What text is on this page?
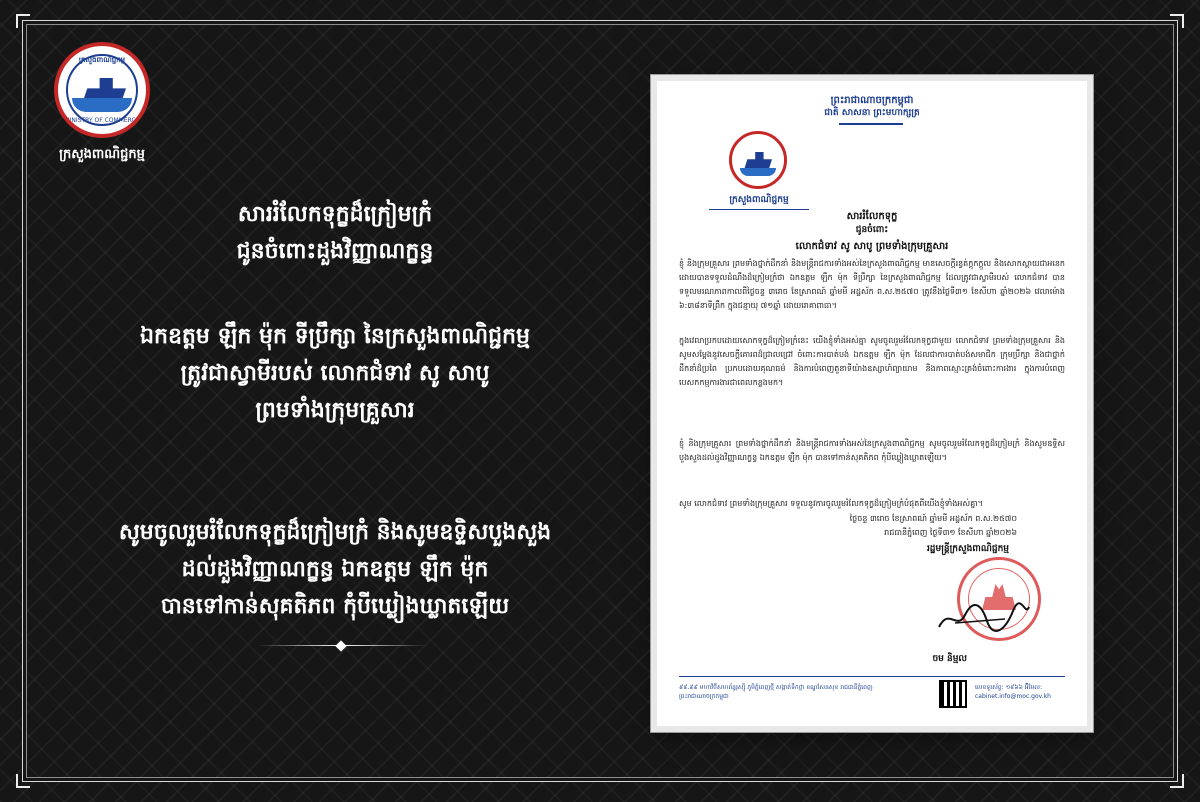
ក្រសួងពាណិជ្ជកម្ម
MINISTRY OF COMMERCE
ក្រសួងពាណិជ្ជកម្ម
សាររំលែកទុក្ខដ៏ក្រៀមក្រំ
ជូនចំពោះដួងវិញ្ញាណក្ខន្ធ
ឯកឧត្តម ឡឹក ម៉ុក ទីប្រឹក្សា នៃក្រសួងពាណិជ្ជកម្ម
ត្រូវជាស្វាមីរបស់ លោកជំទាវ សូ សាបូ
ព្រមទាំងក្រុមគ្រួសារ
សូមចូលរួមរំលែកទុក្ខដ៏ក្រៀមក្រំ និងសូមឧទ្ទិសបួងសួង
ដល់ដួងវិញ្ញាណក្ខន្ធ ឯកឧត្តម ឡឹក ម៉ុក
បានទៅកាន់សុគតិភព កុំបីឃ្លៀងឃ្លាតឡើយ
ព្រះរាជាណាចក្រកម្ពុជា
ជាតិ សាសនា ព្រះមហាក្សត្រ
ក្រសួងពាណិជ្ជកម្ម
សាររំលែកទុក្ខ
ជូនចំពោះ
លោកជំទាវ សូ សាបូ ព្រមទាំងក្រុមគ្រួសារ
ខ្ញុំ និងក្រុមគ្រួសារ ព្រមទាំងថ្នាក់ដឹកនាំ និងមន្ត្រីរាជការទាំងអស់នៃក្រសួងពាណិជ្ជកម្ម មានសេចក្តីរន្ធត់ក្តុកក្តួល និងសោកស្តាយជាអនេកដោយបានទទួលដំណឹងដ៏ក្រៀមក្រំថា ឯកឧត្តម ឡឹក ម៉ុក ទីប្រឹក្សា នៃក្រសួងពាណិជ្ជកម្ម ដែលត្រូវជាស្វាមីរបស់ លោកជំទាវ បានទទួលមរណភាពកាលពីថ្ងៃចន្ទ ៣រោច ខែស្រាពណ៍ ឆ្នាំមមី អដ្ឋស័ក ព.ស.២៥៧០ ត្រូវនឹងថ្ងៃទី៣១ ខែសីហា ឆ្នាំ២០២៦ វេលាម៉ោង ៦:៣៨នាទីព្រឹក ក្នុងជន្មាយុ ៧១ឆ្នាំ ដោយរោគាពាធា។
ក្នុងវេលាប្រកបដោយសោកទុក្ខដ៏ក្រៀមក្រំនេះ យើងខ្ញុំទាំងអស់គ្នា សូមចូលរួមរំលែកទុក្ខជាមួយ លោកជំទាវ ព្រមទាំងក្រុមគ្រួសារ និងសូមសម្តែងនូវសេចក្តីគោរពដ៏ជ្រាលជ្រៅ ចំពោះការបាត់បង់ ឯកឧត្តម ឡឹក ម៉ុក ដែលជាការបាត់បង់សមាជិក ក្រុមប្រឹក្សា និងជាថ្នាក់ដឹកនាំដ៏ប្រពៃ ប្រកបដោយគុណធម៌ និងការបំពេញតួនាទីយ៉ាងឧស្សាហ៍ព្យាយាម និងភាពស្មោះត្រង់ចំពោះការងារ ក្នុងការបំពេញបេសកកម្មការងារជាពេលកន្លងមក។
ខ្ញុំ និងក្រុមគ្រួសារ ព្រមទាំងថ្នាក់ដឹកនាំ និងមន្ត្រីរាជការទាំងអស់នៃក្រសួងពាណិជ្ជកម្ម សូមចូលរួមរំលែកទុក្ខដ៏ក្រៀមក្រំ និងសូមឧទ្ទិសបួងសួងដល់ដួងវិញ្ញាណក្ខន្ធ ឯកឧត្តម ឡឹក ម៉ុក បានទៅកាន់សុគតិភព កុំបីឃ្លៀងឃ្លាតឡើយ។
សូម លោកជំទាវ ព្រមទាំងក្រុមគ្រួសារ ទទួលនូវការចូលរួមរំលែកទុក្ខដ៏ក្រៀមក្រំបំផុតពីយើងខ្ញុំទាំងអស់គ្នា។
ថ្ងៃចន្ទ ៣រោច ខែស្រាពណ៍ ឆ្នាំមមី អដ្ឋស័ក ព.ស.២៥៧០
រាជធានីភ្នំពេញ ថ្ងៃទី៣១ ខែសីហា ឆ្នាំ២០២៦
រដ្ឋមន្ត្រីក្រសួងពាណិជ្ជកម្ម
ចម និម្មល
៩៩.៩៩ មហាវិថីសហព័ន្ធរុស្ស៊ី ភូមិភ្នំពេញថ្មី សង្កាត់ទឹកថ្លា ខណ្ឌសែនសុខ រាជធានីភ្នំពេញ ព្រះរាជាណាចក្រកម្ពុជា
លេខទូរស័ព្ទ: ១៩៦៦ អ៊ីមែល: cabinet.info@moc.gov.kh
